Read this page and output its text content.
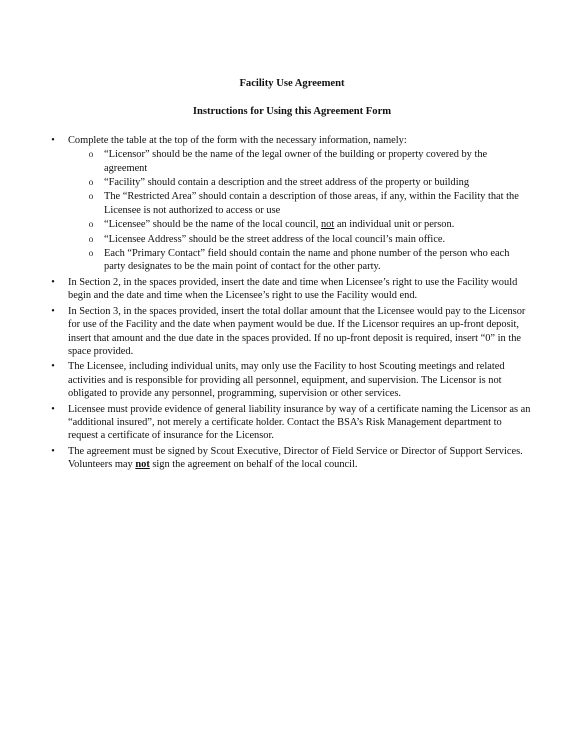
Facility Use Agreement

Instructions for Using this Agreement Form

•	Complete the table at the top of the form with the necessary information, namely:
o “Licensor” should be the name of the legal owner of the building or property covered by the agreement
o “Facility” should contain a description and the street address of the property or building
o The “Restricted Area” should contain a description of those areas, if any, within the Facility that the Licensee is not authorized to access or use
o “Licensee” should be the name of the local council, not an individual unit or person.
o “Licensee Address” should be the street address of the local council’s main office.
o Each “Primary Contact” field should contain the name and phone number of the person who each party designates to be the main point of contact for the other party.
•	In Section 2, in the spaces provided, insert the date and time when Licensee’s right to use the Facility would begin and the date and time when the Licensee’s right to use the Facility would end.
•	In Section 3, in the spaces provided, insert the total dollar amount that the Licensee would pay to the Licensor for use of the Facility and the date when payment would be due. If the Licensor requires an up-front deposit, insert that amount and the due date in the spaces provided. If no up-front deposit is required, insert “0” in the space provided.
•	The Licensee, including individual units, may only use the Facility to host Scouting meetings and related activities and is responsible for providing all personnel, equipment, and supervision. The Licensor is not obligated to provide any personnel, programming, supervision or other services.
•	Licensee must provide evidence of general liability insurance by way of a certificate naming the Licensor as an “additional insured”, not merely a certificate holder. Contact the BSA’s Risk Management department to request a certificate of insurance for the Licensor.
•	The agreement must be signed by Scout Executive, Director of Field Service or Director of Support Services. Volunteers may not sign the agreement on behalf of the local council.
